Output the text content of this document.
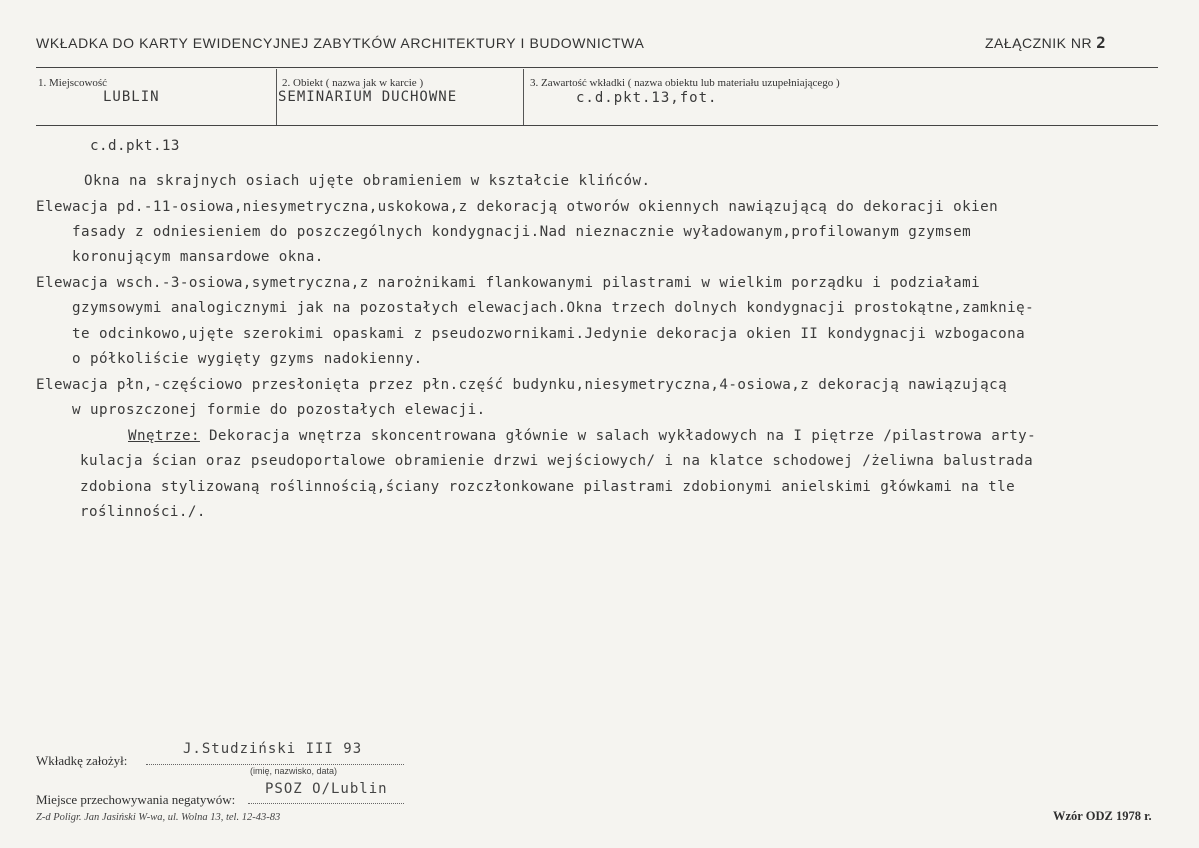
WKŁADKA DO KARTY EWIDENCYJNEJ ZABYTKÓW ARCHITEKTURY I BUDOWNICTWA	ZAŁĄCZNIK NR 2
1. Miejscowość
LUBLIN
2. Obiekt ( nazwa jak w karcie )
SEMINARIUM DUCHOWNE
3. Zawartość wkładki ( nazwa obiektu lub materiału uzupełniającego )
c.d.pkt.13,fot.
c.d.pkt.13
Okna na skrajnych osiach ujęte obramieniem w kształcie klińców.
Elewacja pd.-11-osiowa,niesymetryczna,uskokowa,z dekoracją otworów okiennych nawiązującą do dekoracji okien
fasady z odniesieniem do poszczególnych kondygnacji.Nad nieznacznie wyładowanym,profilowanym gzymsem
koronującym mansardowe okna.
Elewacja wsch.-3-osiowa,symetryczna,z narożnikami flankowanymi pilastrami w wielkim porządku i podziałami
gzymsowymi analogicznymi jak na pozostałych elewacjach.Okna trzech dolnych kondygnacji prostokątne,zamknię-
te odcinkowo,ujęte szerokimi opaskami z pseudozwornikami.Jedynie dekoracja okien II kondygnacji wzbogacona
o półkoliście wygięty gzyms nadokienny.
Elewacja płn,-częściowo przesłonięta przez płn.część budynku,niesymetryczna,4-osiowa,z dekoracją nawiązującą
w uproszczonej formie do pozostałych elewacji.
Wnętrze: Dekoracja wnętrza skoncentrowana głównie w salach wykładowych na I piętrze /pilastrowa arty-
kulacja ścian oraz pseudoportalowe obramienie drzwi wejściowych/ i na klatce schodowej /żeliwna balustrada
zdobiona stylizowaną roślinnością,ściany rozczłonkowane pilastrami zdobionymi anielskimi główkami na tle
roślinności./.
Wkładkę założył:
J.Studziński III 93
(imię, nazwisko, data)
Miejsce przechowywania negatywów:
PSOZ O/Lublin
Z-d Poligr. Jan Jasiński W-wa, ul. Wolna 13, tel. 12-43-83	Wzór ODZ 1978 r.
